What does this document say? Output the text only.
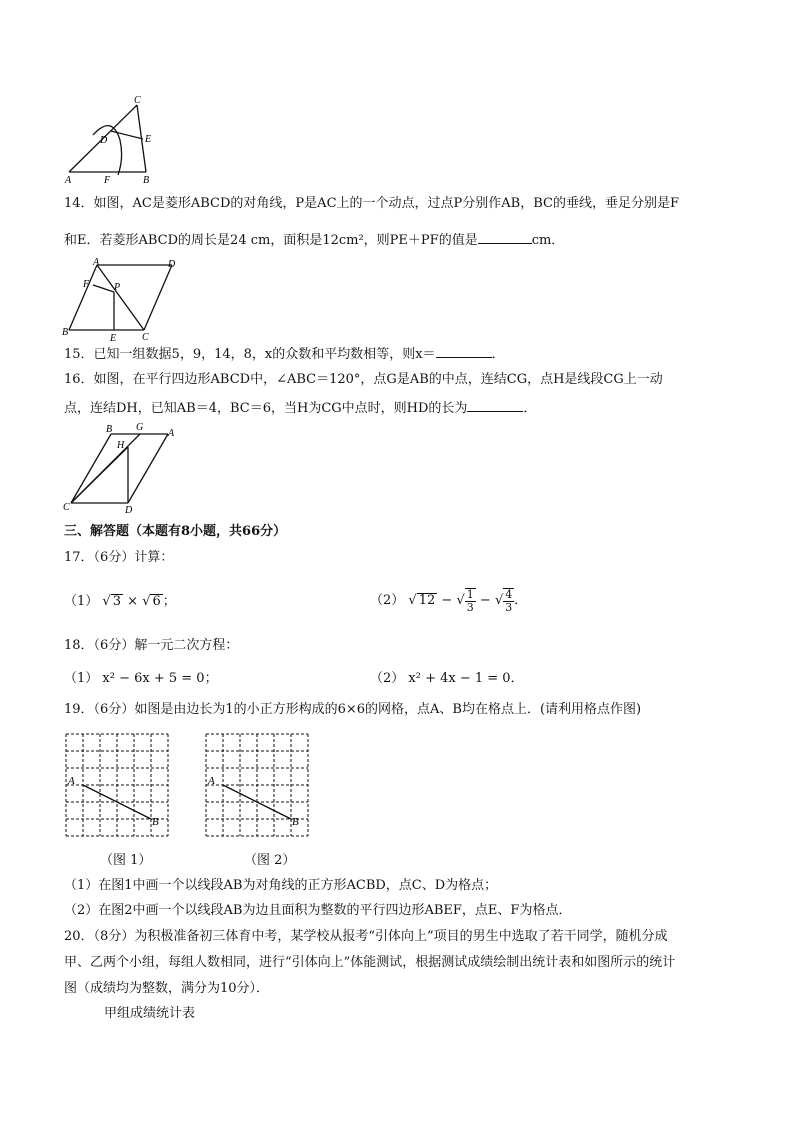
C
D	E
A	F	B
14．如图，AC是菱形ABCD的对角线，P是AC上的一个动点，过点P分别作AB，BC的垂线，垂足分别是F
和E．若菱形ABCD的周长是24 cm，面积是12cm²，则PE＋PF的值是	cm．
A	D
F P
B
E	C
15．已知一组数据5，9，14，8，x的众数和平均数相等，则x＝	．
16．如图，在平行四边形ABCD中，∠ABC＝120°，点G是AB的中点，连结CG，点H是线段CG上一动
点，连结DH，已知AB＝4，BC＝6，当H为CG中点时，则HD的长为	．
B G
A
H
C	D
三、解答题（本题有8小题，共66分）
17．（6分）计算：
（1） √ 3 × √ 6 ；	（2） √ 12 − √ $\frac{1}{3}$ − √ $\frac{4}{3}$ ．
18．（6分）解一元二次方程：
（1） x² − 6x + 5 = 0；	（2） x² + 4x − 1 = 0．
19．（6分）如图是由边长为1的小正方形构成的6×6的网格，点A、B均在格点上．(请利用格点作图)
A
B
A
B
（图 1）	（图 2）
（1）在图1中画一个以线段AB为对角线的正方形ACBD，点C、D为格点；
（2）在图2中画一个以线段AB为边且面积为整数的平行四边形ABEF，点E、F为格点．
20．（8分）为积极准备初三体育中考，某学校从报考“引体向上”项目的男生中选取了若干同学，随机分成
甲、乙两个小组，每组人数相同，进行“引体向上”体能测试，根据测试成绩绘制出统计表和如图所示的统计
图（成绩均为整数，满分为10分）．
甲组成绩统计表
